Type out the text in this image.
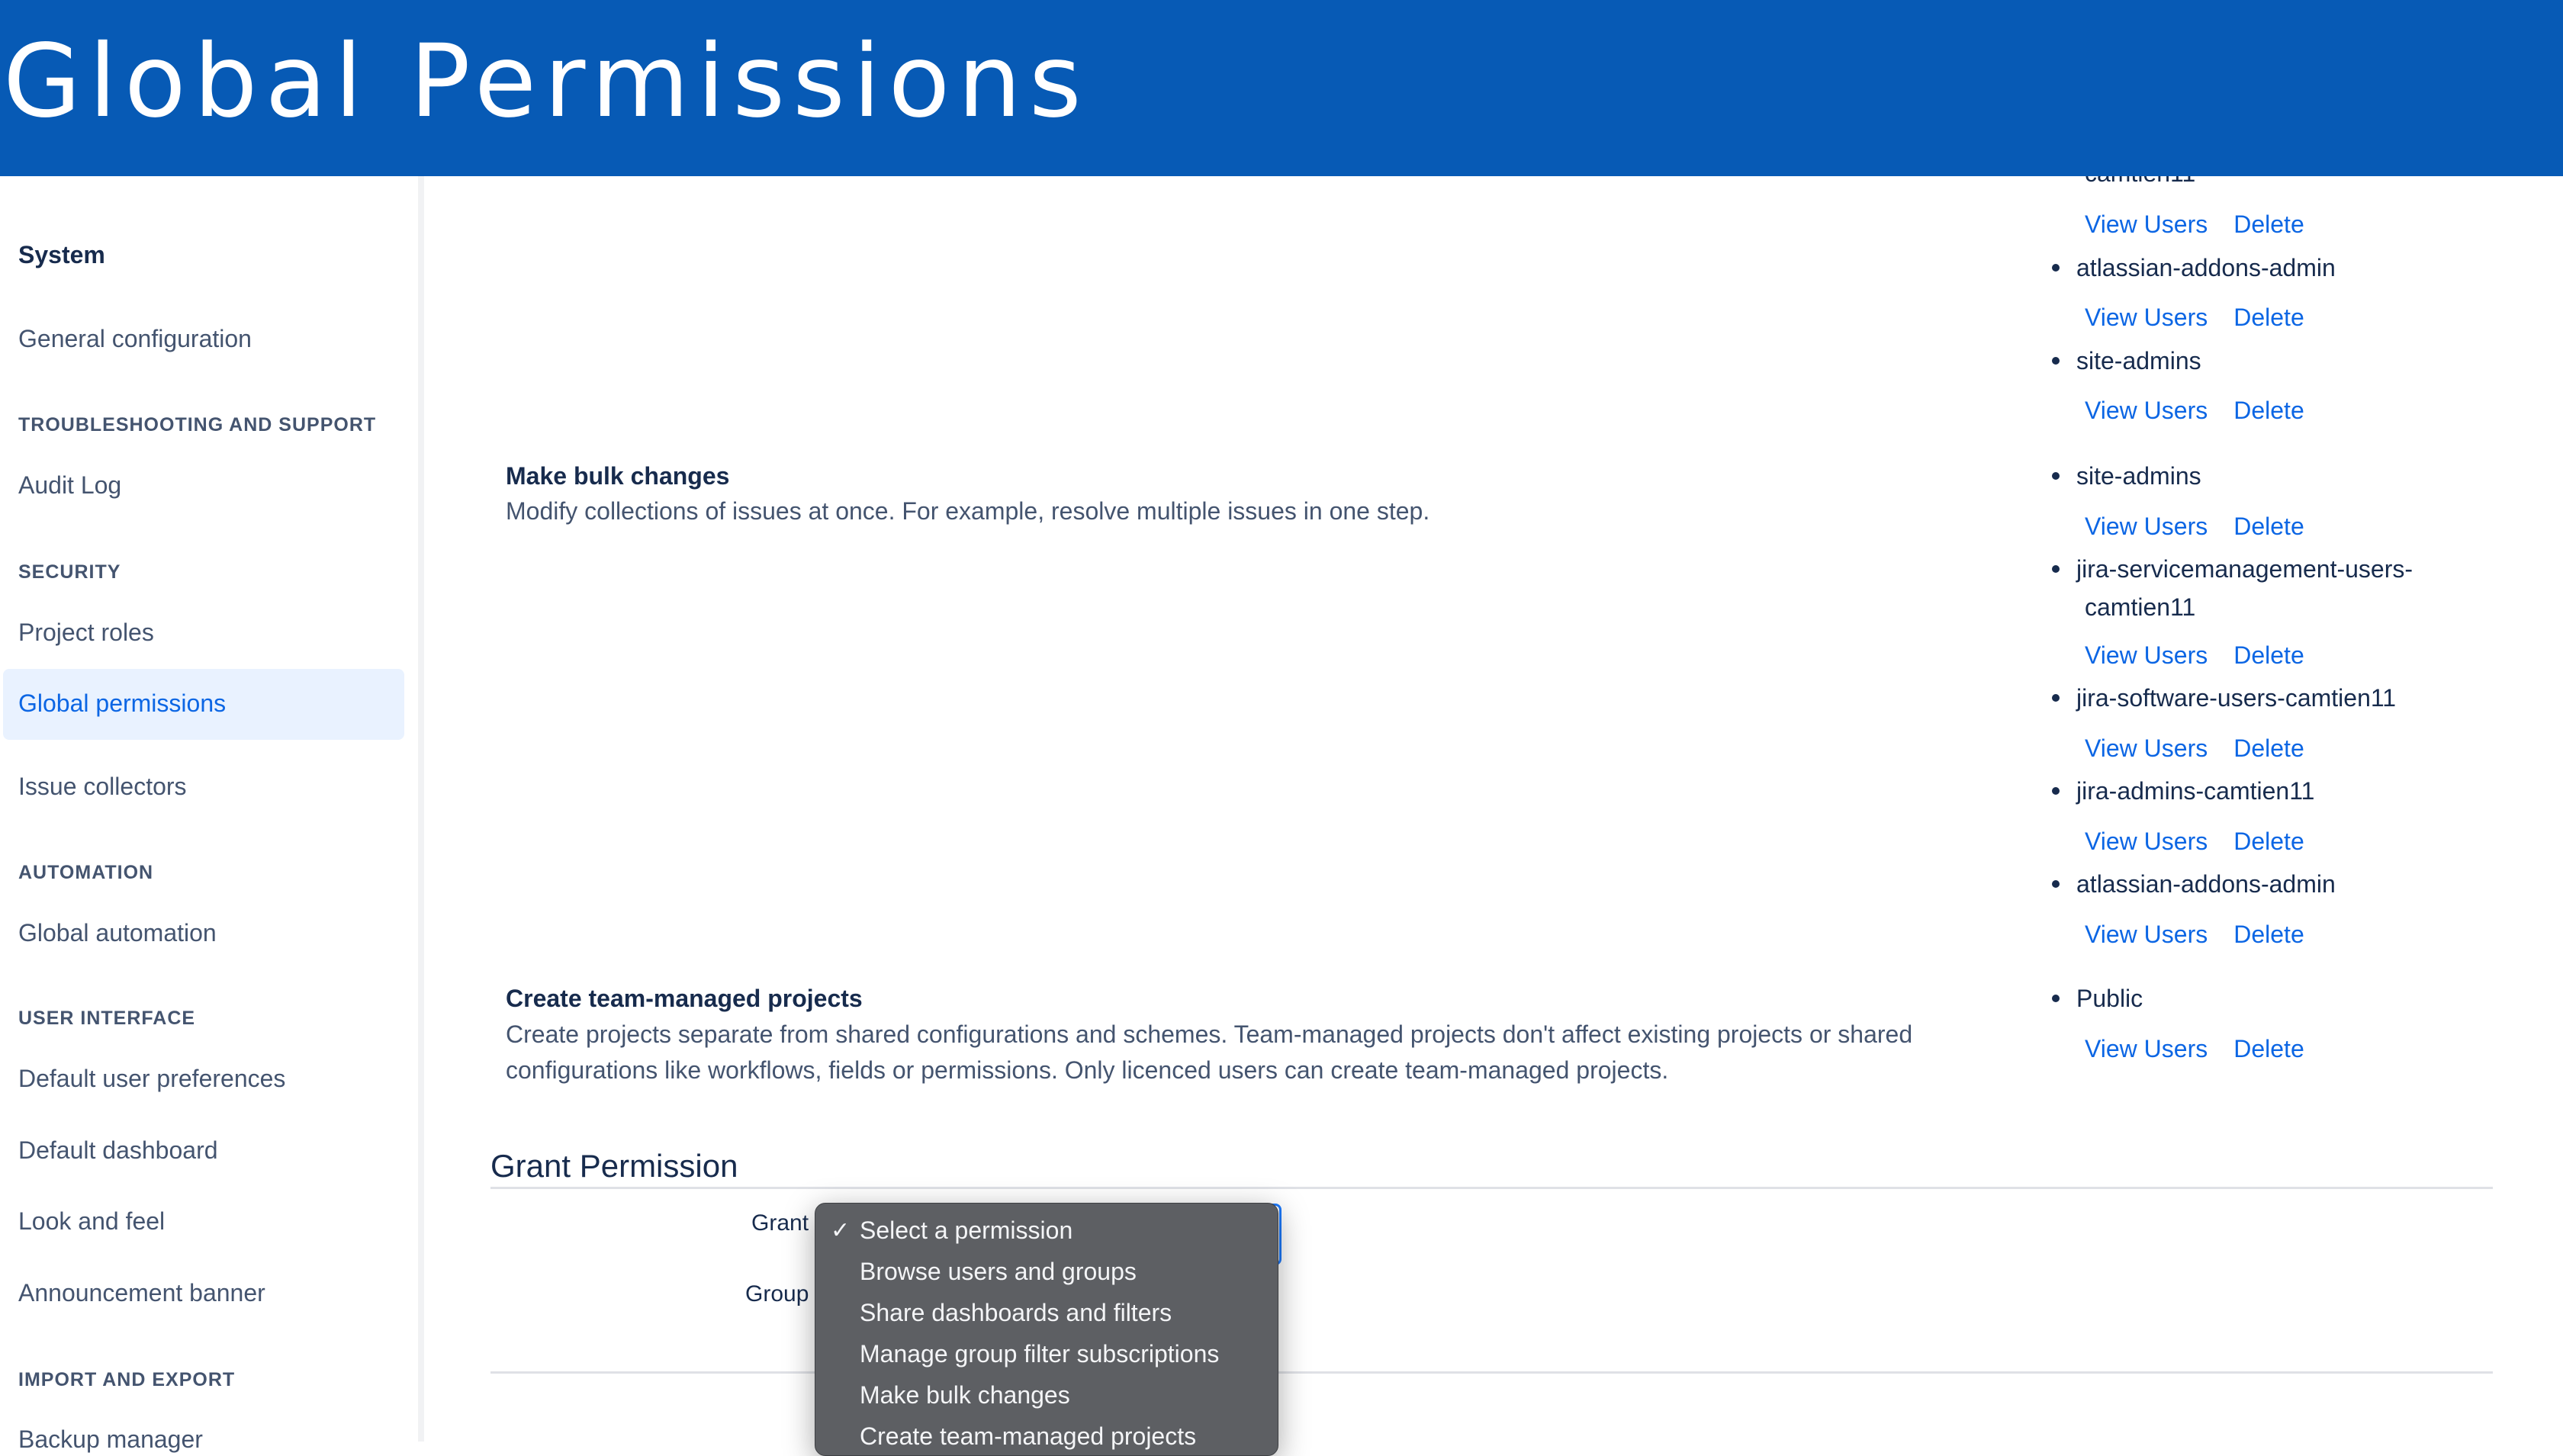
Global Permissions
System
General configuration
TROUBLESHOOTING AND SUPPORT
Audit Log
SECURITY
Project roles
Global permissions
Issue collectors
AUTOMATION
Global automation
USER INTERFACE
Default user preferences
Default dashboard
Look and feel
Announcement banner
IMPORT AND EXPORT
Backup manager
View Users Delete
atlassian-addons-admin
View Users Delete
site-admins
View Users Delete
Make bulk changes
Modify collections of issues at once. For example, resolve multiple issues in one step.
site-admins
View Users Delete
jira-servicemanagement-users-
camtien11
View Users Delete
jira-software-users-camtien11
View Users Delete
jira-admins-camtien11
View Users Delete
atlassian-addons-admin
View Users Delete
Create team-managed projects
Create projects separate from shared configurations and schemes. Team-managed projects don't affect existing projects or shared
configurations like workflows, fields or permissions. Only licenced users can create team-managed projects.
Public
View Users Delete
Grant Permission
Grant
Group
✓ Select a permission
Browse users and groups
Share dashboards and filters
Manage group filter subscriptions
Make bulk changes
Create team-managed projects
